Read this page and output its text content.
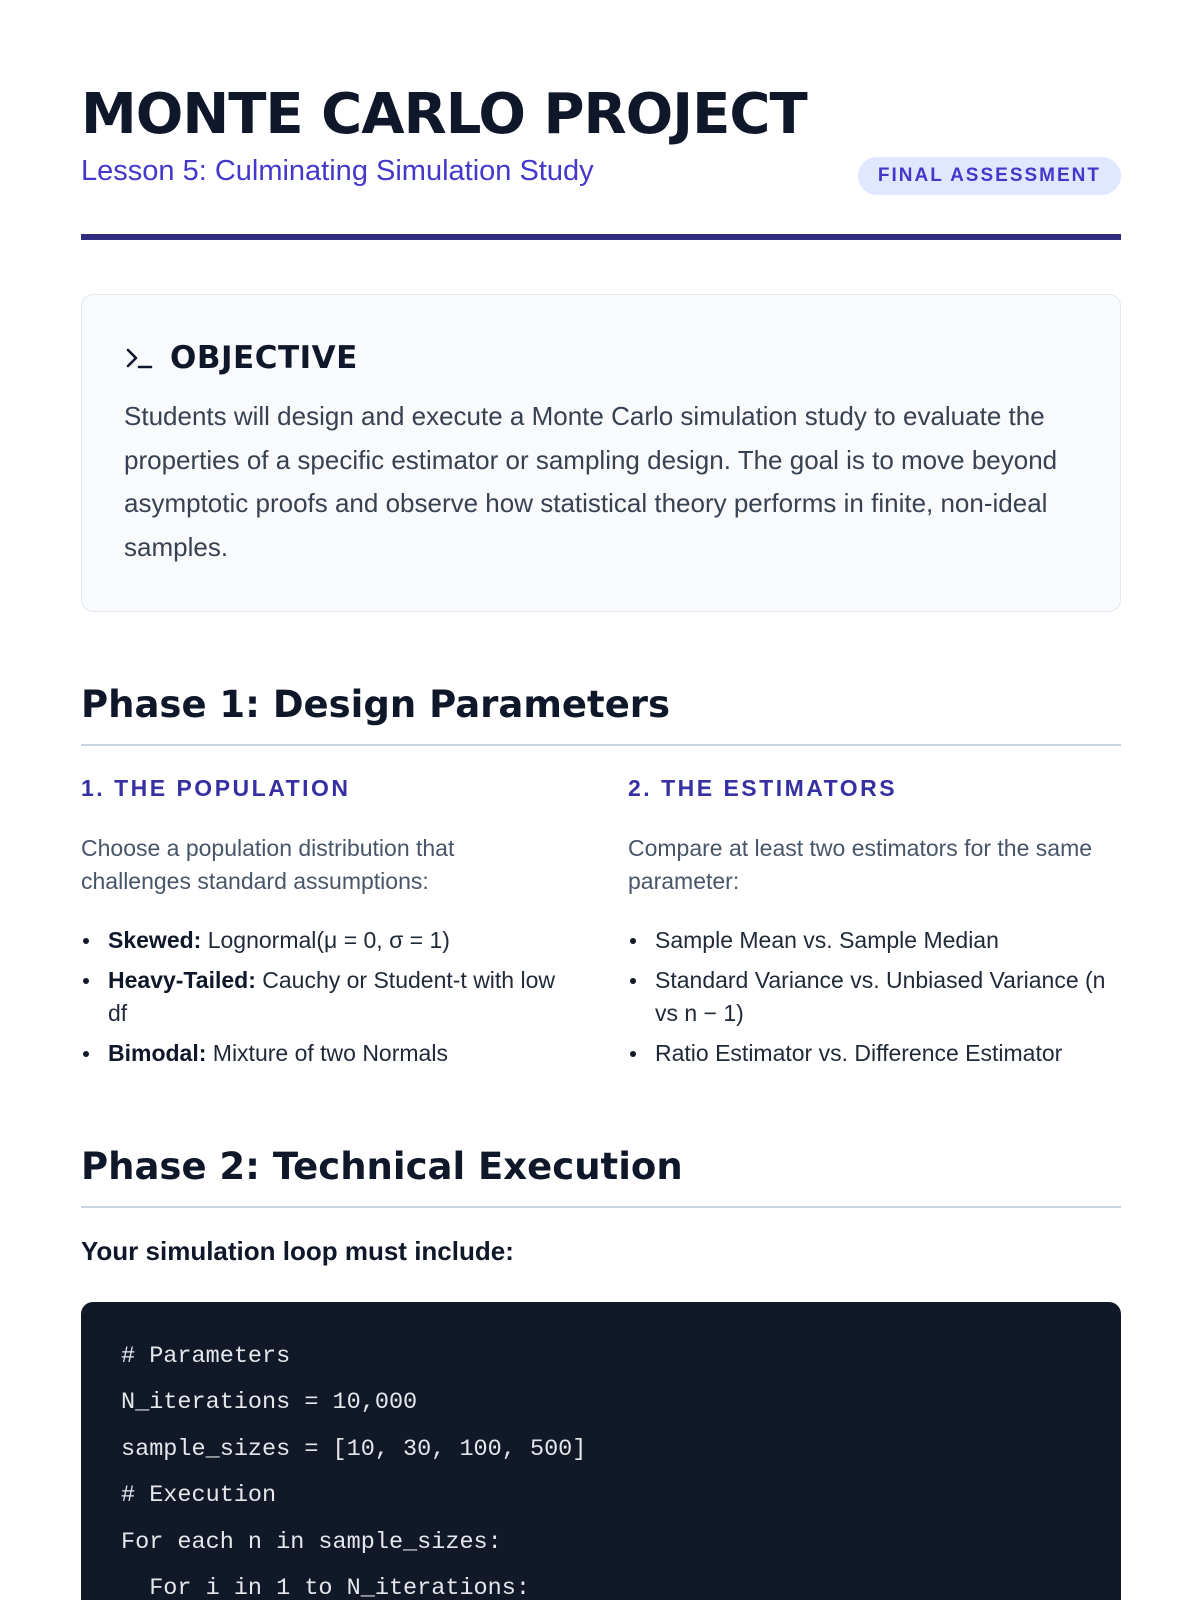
MONTE CARLO PROJECT
Lesson 5: Culminating Simulation Study	FINAL ASSESSMENT
OBJECTIVE

Students will design and execute a Monte Carlo simulation study to evaluate the properties of a specific estimator or sampling design. The goal is to move beyond asymptotic proofs and observe how statistical theory performs in finite, non-ideal samples.

Phase 1: Design Parameters
1. THE POPULATION

Choose a population distribution that challenges standard assumptions:

Skewed: Lognormal(μ = 0, σ = 1)
Heavy-Tailed: Cauchy or Student-t with low df
Bimodal: Mixture of two Normals
2. THE ESTIMATORS

Compare at least two estimators for the same parameter:

Sample Mean vs. Sample Median
Standard Variance vs. Unbiased Variance (n vs n − 1)
Ratio Estimator vs. Difference Estimator
Phase 2: Technical Execution
Your simulation loop must include:
# Parameters
N_iterations = 10,000
sample_sizes = [10, 30, 100, 500]
# Execution
For each n in sample_sizes:
For i in 1 to N_iterations:
